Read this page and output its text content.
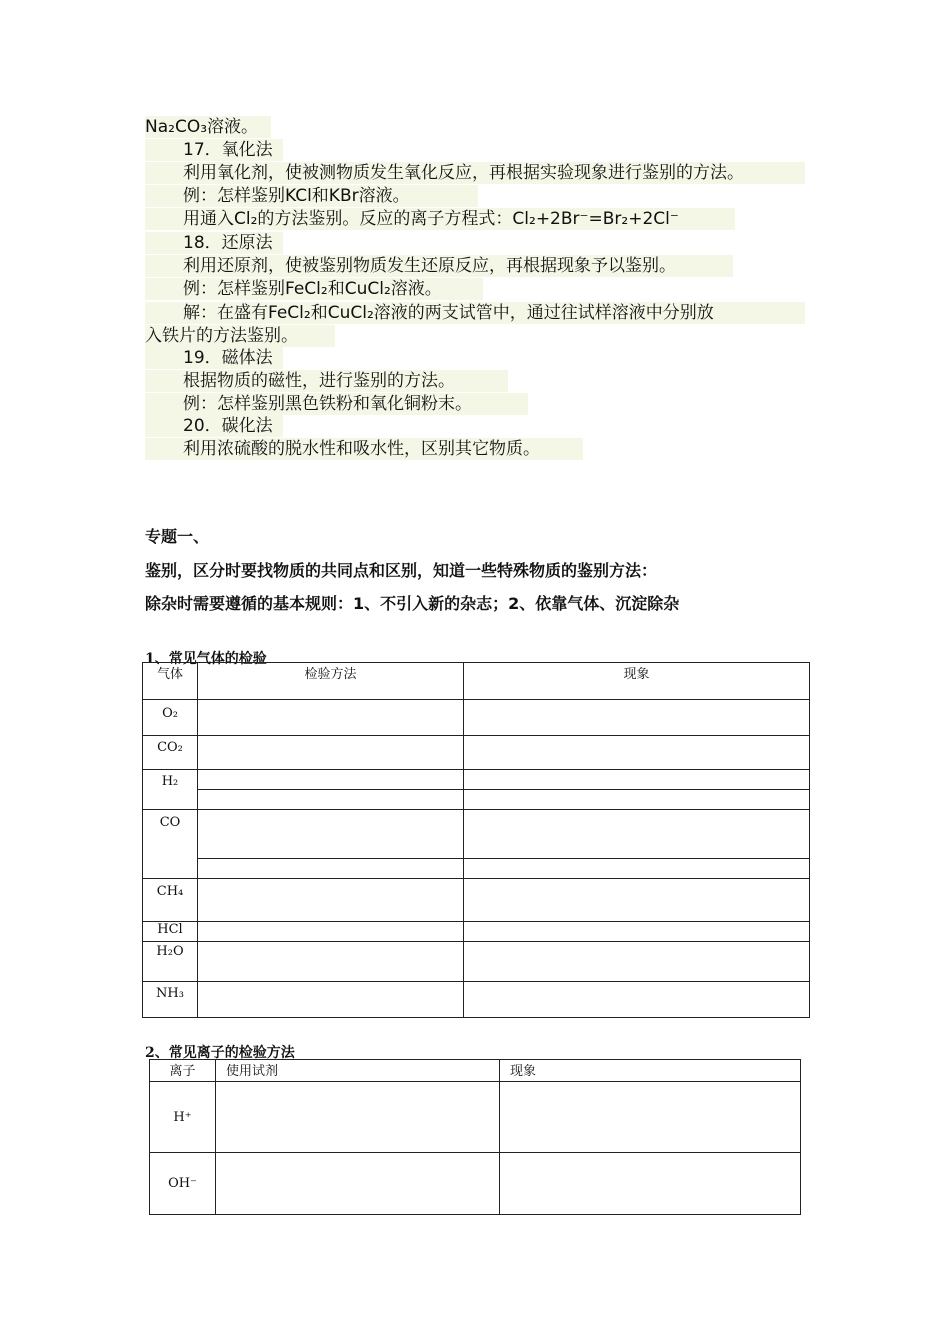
Na₂CO₃溶液。
17．氧化法
利用氧化剂，使被测物质发生氧化反应，再根据实验现象进行鉴别的方法。
例：怎样鉴别KCl和KBr溶液。
用通入Cl₂的方法鉴别。反应的离子方程式：Cl₂+2Br⁻=Br₂+2Cl⁻
18．还原法
利用还原剂，使被鉴别物质发生还原反应，再根据现象予以鉴别。
例：怎样鉴别FeCl₂和CuCl₂溶液。
解：在盛有FeCl₂和CuCl₂溶液的两支试管中，通过往试样溶液中分别放
入铁片的方法鉴别。
19．磁体法
根据物质的磁性，进行鉴别的方法。
例：怎样鉴别黑色铁粉和氧化铜粉末。
20．碳化法
利用浓硫酸的脱水性和吸水性，区别其它物质。
专题一、
鉴别，区分时要找物质的共同点和区别，知道一些特殊物质的鉴别方法：
除杂时需要遵循的基本规则：1、不引入新的杂志；2、依靠气体、沉淀除杂
1、常见气体的检验
气体	检验方法	现象
O₂		
CO₂		
H₂		

CO		

CH₄		
HCl		
H₂O		
NH₃		
2、常见离子的检验方法
离子	使用试剂	现象
H⁺		
OH⁻		
